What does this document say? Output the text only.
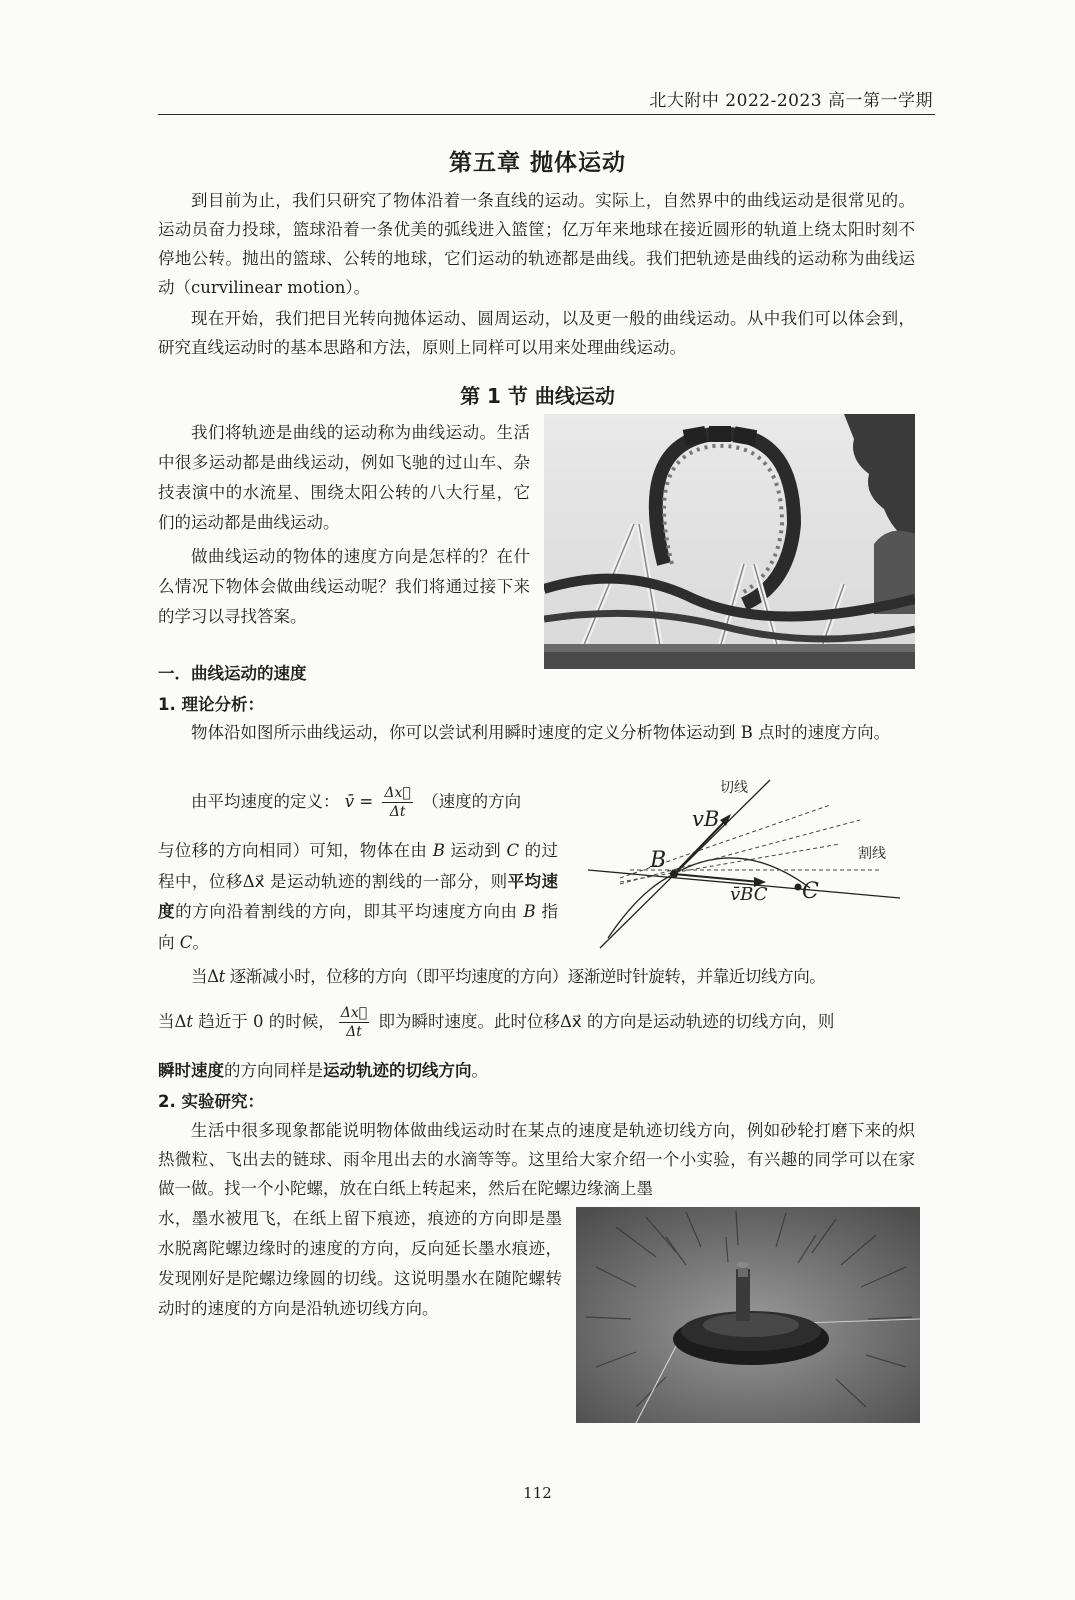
北大附中 2022-2023 高一第一学期
第五章 抛体运动

到目前为止，我们只研究了物体沿着一条直线的运动。实际上，自然界中的曲线运动是很常见的。运动员奋力投球，篮球沿着一条优美的弧线进入篮筐；亿万年来地球在接近圆形的轨道上绕太阳时刻不停地公转。抛出的篮球、公转的地球，它们运动的轨迹都是曲线。我们把轨迹是曲线的运动称为曲线运动（curvilinear motion）。

现在开始，我们把目光转向抛体运动、圆周运动，以及更一般的曲线运动。从中我们可以体会到，研究直线运动时的基本思路和方法，原则上同样可以用来处理曲线运动。

第 1 节 曲线运动

我们将轨迹是曲线的运动称为曲线运动。生活中很多运动都是曲线运动，例如飞驰的过山车、杂技表演中的水流星、围绕太阳公转的八大行星，它们的运动都是曲线运动。

做曲线运动的物体的速度方向是怎样的？在什么情况下物体会做曲线运动呢？我们将通过接下来的学习以寻找答案。

一．曲线运动的速度
1. 理论分析：

物体沿如图所示曲线运动，你可以尝试利用瞬时速度的定义分析物体运动到 B 点时的速度方向。

由平均速度的定义： v̄ = $\frac{\Delta x⃗}{\Delta t}$ （速度的方向

与位移的方向相同）可知，物体在由 B 运动到 C 的过程中，位移Δx⃗ 是运动轨迹的割线的一部分，则平均速度的方向沿着割线的方向，即其平均速度方向由 B 指向 C。

切线
割线
vB
v̄BC
B
C

当Δt 逐渐减小时，位移的方向（即平均速度的方向）逐渐逆时针旋转，并靠近切线方向。

当Δt 趋近于 0 的时候， $\frac{\Delta x⃗}{\Delta t}$ 即为瞬时速度。此时位移Δx⃗ 的方向是运动轨迹的切线方向，则
瞬时速度的方向同样是运动轨迹的切线方向。
2. 实验研究：

生活中很多现象都能说明物体做曲线运动时在某点的速度是轨迹切线方向，例如砂轮打磨下来的炽热微粒、飞出去的链球、雨伞甩出去的水滴等等。这里给大家介绍一个小实验，有兴趣的同学可以在家做一做。找一个小陀螺，放在白纸上转起来，然后在陀螺边缘滴上墨

水，墨水被甩飞，在纸上留下痕迹，痕迹的方向即是墨水脱离陀螺边缘时的速度的方向，反向延长墨水痕迹，发现刚好是陀螺边缘圆的切线。这说明墨水在随陀螺转动时的速度的方向是沿轨迹切线方向。

112
